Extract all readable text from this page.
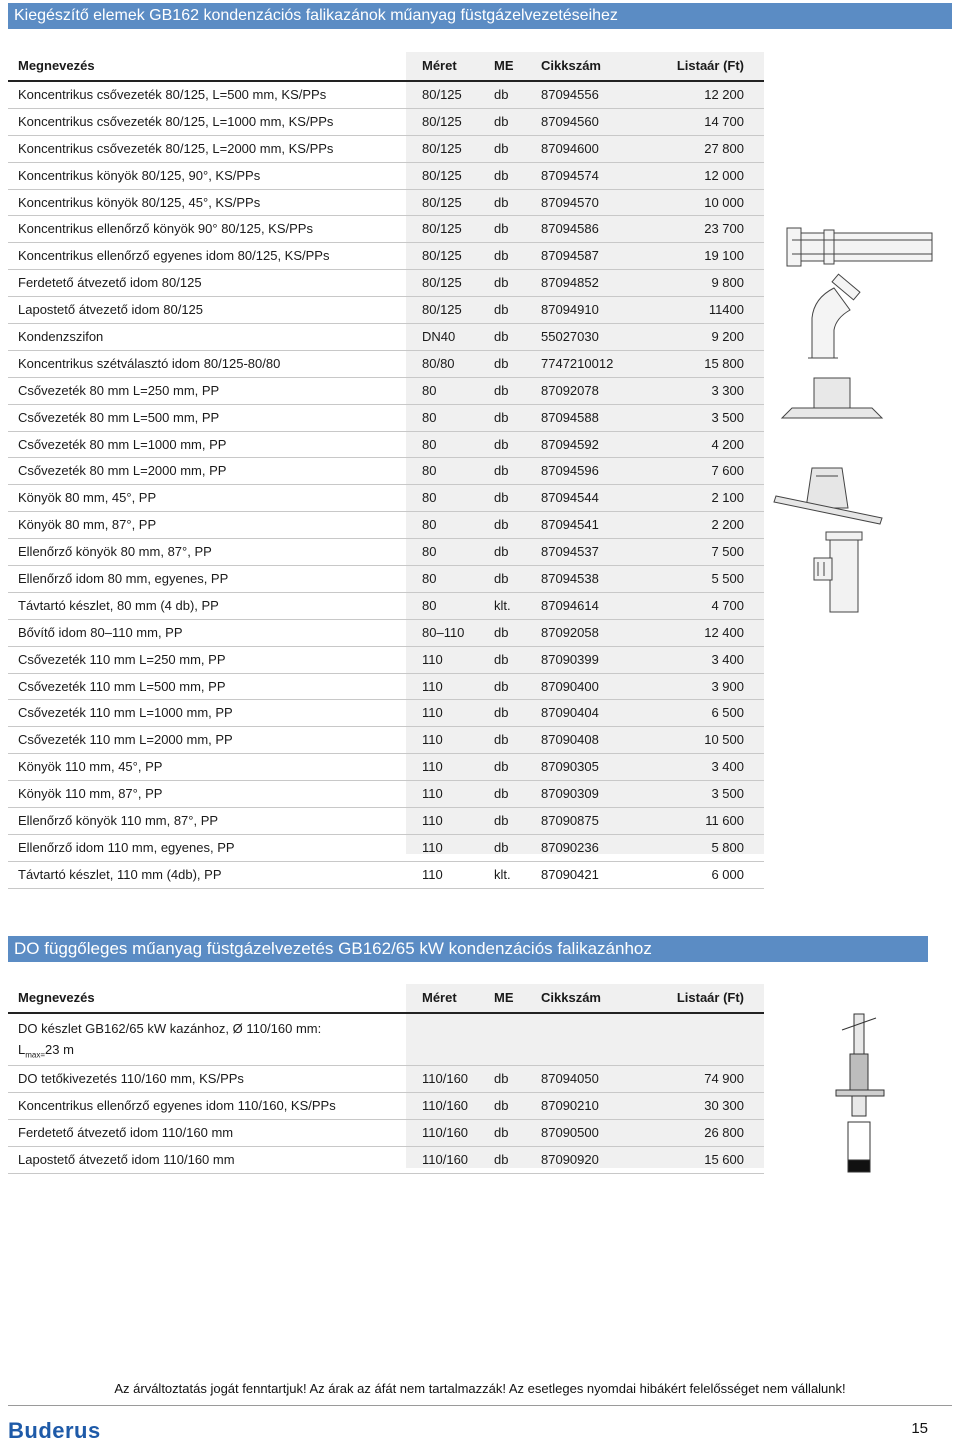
Kiegészítő elemek GB162 kondenzációs falikazánok műanyag füstgázelvezetéseihez
Megnevezés	Méret	ME Cikkszám	Listaár (Ft)
Koncentrikus csővezeték 80/125, L=500 mm, KS/PPs	80/125 db	87094556	12 200
Koncentrikus csővezeték 80/125, L=1000 mm, KS/PPs	80/125 db	87094560	14 700
Koncentrikus csővezeték 80/125, L=2000 mm, KS/PPs	80/125 db	87094600	27 800
Koncentrikus könyök 80/125, 90°, KS/PPs	80/125 db	87094574	12 000
Koncentrikus könyök 80/125, 45°, KS/PPs	80/125 db	87094570	10 000
Koncentrikus ellenőrző könyök 90° 80/125, KS/PPs	80/125 db	87094586	23 700
Koncentrikus ellenőrző egyenes idom 80/125, KS/PPs	80/125 db	87094587	19 100
Ferdetető átvezető idom 80/125	80/125 db	87094852	9 800
Lapostető átvezető idom 80/125	80/125 db	87094910	11400
Kondenzszifon	DN40	db	55027030	9 200
Koncentrikus szétválasztó idom 80/125-80/80	80/80	db	7747210012	15 800
Csővezeték 80 mm L=250 mm, PP	80	db	87092078	3 300
Csővezeték 80 mm L=500 mm, PP	80	db	87094588	3 500
Csővezeték 80 mm L=1000 mm, PP	80	db	87094592	4 200
Csővezeték 80 mm L=2000 mm, PP	80	db	87094596	7 600
Könyök 80 mm, 45°, PP	80	db	87094544	2 100
Könyök 80 mm, 87°, PP	80	db	87094541	2 200
Ellenőrző könyök 80 mm, 87°, PP	80	db	87094537	7 500
Ellenőrző idom 80 mm, egyenes, PP	80	db	87094538	5 500
Távtartó készlet, 80 mm (4 db), PP	80	klt. 87094614	4 700
Bővítő idom 80–110 mm, PP	80–110 db	87092058	12 400
Csővezeték 110 mm L=250 mm, PP	110	db	87090399	3 400
Csővezeték 110 mm L=500 mm, PP	110	db	87090400	3 900
Csővezeték 110 mm L=1000 mm, PP	110	db	87090404	6 500
Csővezeték 110 mm L=2000 mm, PP	110	db	87090408	10 500
Könyök 110 mm, 45°, PP	110	db	87090305	3 400
Könyök 110 mm, 87°, PP	110	db	87090309	3 500
Ellenőrző könyök 110 mm, 87°, PP	110	db	87090875	11 600
Ellenőrző idom 110 mm, egyenes, PP	110	db	87090236	5 800
Távtartó készlet, 110 mm (4db), PP	110	klt. 87090421	6 000
DO függőleges műanyag füstgázelvezetés GB162/65 kW kondenzációs falikazánhoz
Megnevezés	Méret	ME Cikkszám	Listaár (Ft)
DO készlet GB162/65 kW kazánhoz, Ø 110/160 mm:
$L_{max=}23$ m
DO tetőkivezetés 110/160 mm, KS/PPs	110/160 db	87094050	74 900
Koncentrikus ellenőrző egyenes idom 110/160, KS/PPs	110/160 db	87090210	30 300
Ferdetető átvezető idom 110/160 mm	110/160 db	87090500	26 800
Lapostető átvezető idom 110/160 mm	110/160 db	87090920	15 600
Az árváltoztatás jogát fenntartjuk! Az árak az áfát nem tartalmazzák! Az esetleges nyomdai hibákért felelősséget nem vállalunk!
Buderus	15
